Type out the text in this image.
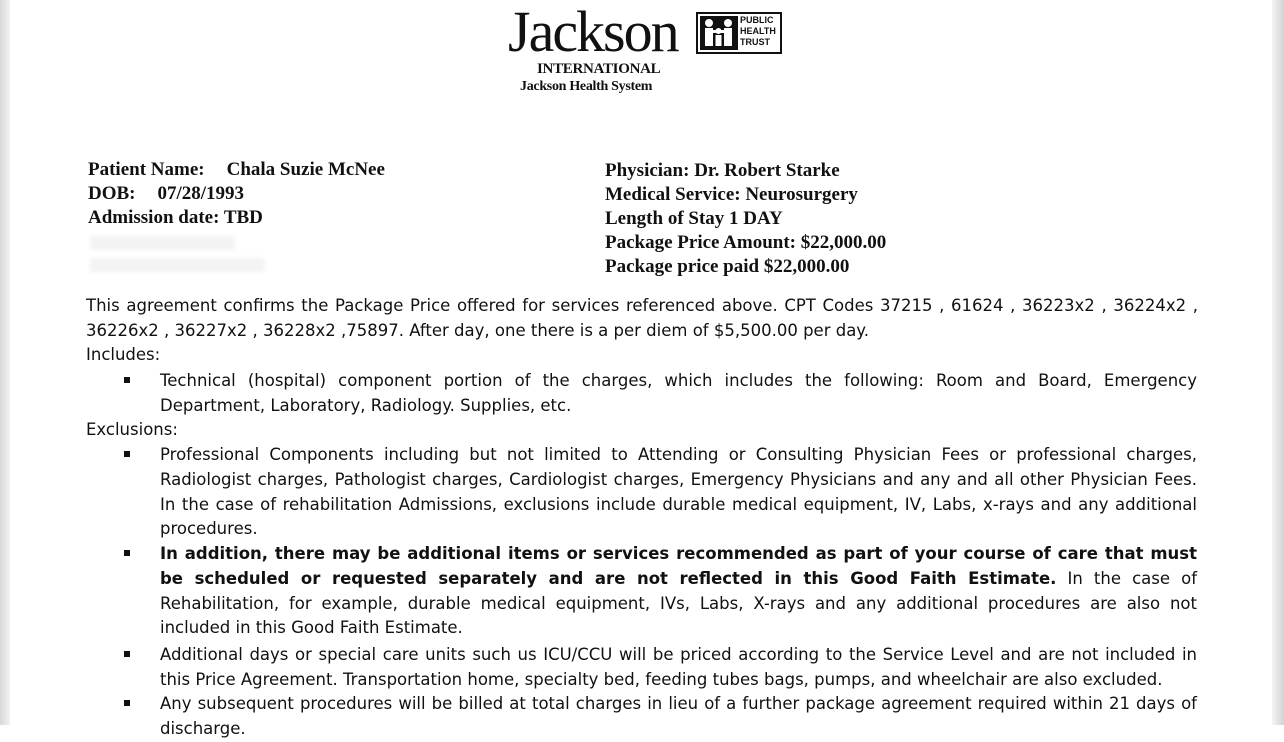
Jackson	PUBLIC
HEALTH
TRUST
INTERNATIONAL
Jackson Health System
Patient Name: Chala Suzie McNee
DOB: 07/28/1993
Admission date: TBD
Physician: Dr. Robert Starke
Medical Service: Neurosurgery
Length of Stay 1 DAY
Package Price Amount: $22,000.00
Package price paid $22,000.00
This agreement confirms the Package Price offered for services referenced above. CPT Codes 37215 , 61624 , 36223x2 , 36224x2 , 36226x2 , 36227x2 , 36228x2 ,75897. After day, one there is a per diem of $5,500.00 per day.
Includes:
Technical (hospital) component portion of the charges, which includes the following: Room and Board, Emergency Department, Laboratory, Radiology. Supplies, etc.
Exclusions:
Professional Components including but not limited to Attending or Consulting Physician Fees or professional charges, Radiologist charges, Pathologist charges, Cardiologist charges, Emergency Physicians and any and all other Physician Fees. In the case of rehabilitation Admissions, exclusions include durable medical equipment, IV, Labs, x-rays and any additional procedures.
In addition, there may be additional items or services recommended as part of your course of care that must be scheduled or requested separately and are not reflected in this Good Faith Estimate. In the case of Rehabilitation, for example, durable medical equipment, IVs, Labs, X-rays and any additional procedures are also not included in this Good Faith Estimate.
Additional days or special care units such us ICU/CCU will be priced according to the Service Level and are not included in this Price Agreement. Transportation home, specialty bed, feeding tubes bags, pumps, and wheelchair are also excluded.
Any subsequent procedures will be billed at total charges in lieu of a further package agreement required within 21 days of discharge.
